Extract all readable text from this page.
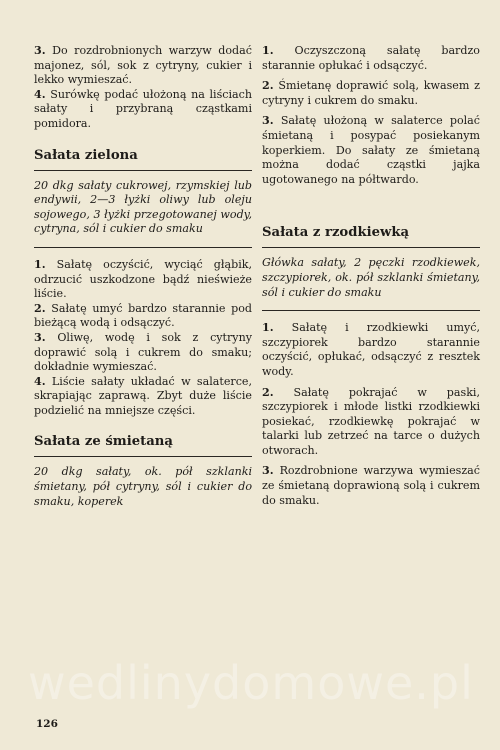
3. Do rozdrobnionych warzyw dodać majonez, sól, sok z cytryny, cukier i lekko wymieszać.

4. Surówkę podać ułożoną na liściach sałaty i przybraną cząstkami pomidora.

Sałata zielona

20 dkg sałaty cukrowej, rzymskiej lub endywii, 2—3 łyżki oliwy lub oleju sojowego, 3 łyżki przegotowanej wody, cytryna, sól i cukier do smaku

1. Sałatę oczyścić, wyciąć głąbik, odrzucić uszkodzone bądź nieświeże liście.

2. Sałatę umyć bardzo starannie pod bieżącą wodą i odsączyć.

3. Oliwę, wodę i sok z cytryny doprawić solą i cukrem do smaku; dokładnie wymieszać.

4. Liście sałaty układać w salaterce, skrapiając zaprawą. Zbyt duże liście podzielić na mniejsze części.

Sałata ze śmietaną

20 dkg sałaty, ok. pół szklanki śmietany, pół cytryny, sól i cukier do smaku, koperek

1. Oczyszczoną sałatę bardzo starannie opłukać i odsączyć.

2. Śmietanę doprawić solą, kwasem z cytryny i cukrem do smaku.

3. Sałatę ułożoną w salaterce polać śmietaną i posypać posiekanym koperkiem. Do sałaty ze śmietaną można dodać cząstki jajka ugotowanego na półtwardo.

Sałata z rzodkiewką

Główka sałaty, 2 pęczki rzodkiewek, szczypiorek, ok. pół szklanki śmietany, sól i cukier do smaku

1. Sałatę i rzodkiewki umyć, szczypiorek bardzo starannie oczyścić, opłukać, odsączyć z resztek wody.

2. Sałatę pokrajać w paski, szczypiorek i młode listki rzodkiewki posiekać, rzodkiewkę pokrajać w talarki lub zetrzeć na tarce o dużych otworach.

3. Rozdrobnione warzywa wymieszać ze śmietaną doprawioną solą i cukrem do smaku.

wedlinydomowe.pl
126
